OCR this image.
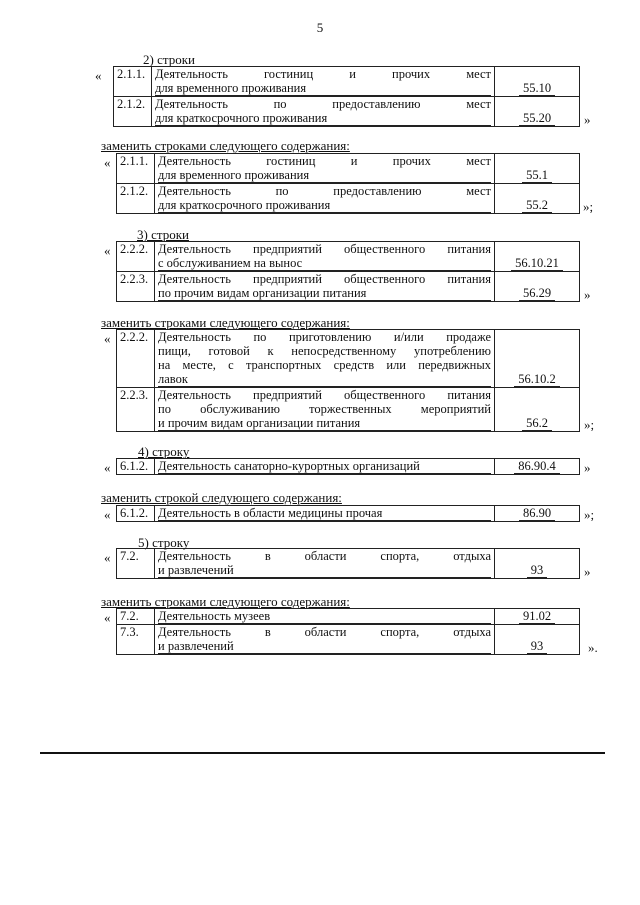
5
2) строки
« 2.1.1.	Деятельность гостиниц и прочих мест
для временного проживания	55.10
2.1.2.	Деятельность по предоставлению мест
для краткосрочного проживания	55.20	»
заменить строками следующего содержания:
« 2.1.1.	Деятельность гостиниц и прочих мест
для временного проживания	55.1
2.1.2.	Деятельность по предоставлению мест
для краткосрочного проживания	55.2	»;
3) строки
« 2.2.2.	Деятельность предприятий общественного питания
с обслуживанием на вынос	56.10.21
2.2.3.	Деятельность предприятий общественного питания
по прочим видам организации питания	56.29	»
заменить строками следующего содержания:
« 2.2.2.	Деятельность по приготовлению и/или продаже
пищи, готовой к непосредственному употреблению
на месте, с транспортных средств или передвижных
лавок	56.10.2
2.2.3.	Деятельность предприятий общественного питания
по обслуживанию торжественных мероприятий
и прочим видам организации питания	56.2	»;
4) строку
« 6.1.2.	Деятельность санаторно-курортных организаций	86.90.4 »
заменить строкой следующего содержания:
« 6.1.2.	Деятельность в области медицины прочая	86.90	»;
5) строку
« 7.2.	Деятельность в области спорта, отдыха
и развлечений	93	»
заменить строками следующего содержания:
« 7.2.	Деятельность музеев	91.02
7.3.	Деятельность в области спорта, отдыха
и развлечений	93	».
